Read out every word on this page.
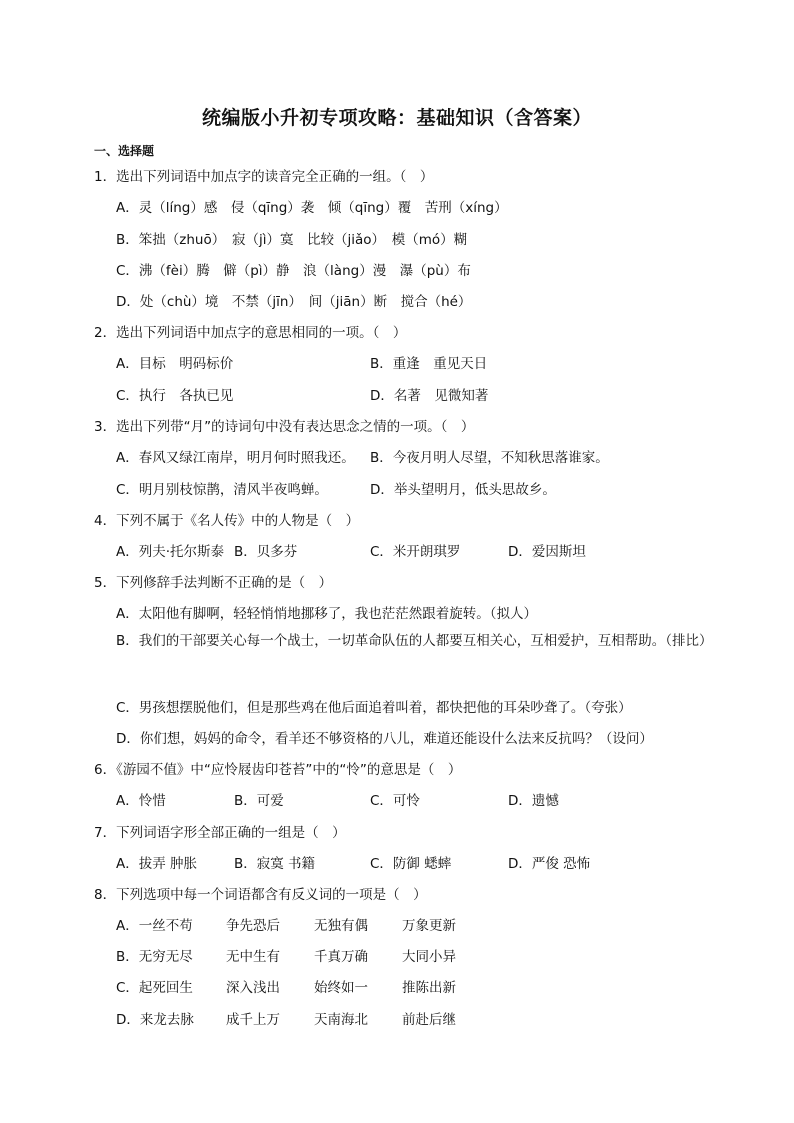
统编版小升初专项攻略：基础知识（含答案）
一、选择题
1．选出下列词语中加点字的读音完全正确的一组。（　）
A．灵（líng）感　侵（qīng）袭　倾（qīng）覆　苦刑（xíng）
B．笨拙（zhuō）　寂（jì）寞　比较（jiǎo）　模（mó）糊
C．沸（fèi）腾　僻（pì）静　浪（làng）漫　瀑（pù）布
D．处（chù）境　不禁（jīn）　间（jiān）断　搅合（hé）
2．选出下列词语中加点字的意思相同的一项。（　）
A．目标　明码标价	B．重逢　重见天日
C．执行　各执已见	D．名著　见微知著
3．选出下列带“月”的诗词句中没有表达思念之情的一项。（　）
A．春风又绿江南岸，明月何时照我还。 B．今夜月明人尽望，不知秋思落谁家。
C．明月别枝惊鹊，清风半夜鸣蝉。	D．举头望明月，低头思故乡。
4．下列不属于《名人传》中的人物是（　）
A．列夫·托尔斯泰 B．贝多芬	C．米开朗琪罗	D．爱因斯坦
5．下列修辞手法判断不正确的是（　）
A．太阳他有脚啊，轻轻悄悄地挪移了，我也茫茫然跟着旋转。（拟人）
B．我们的干部要关心每一个战士，一切革命队伍的人都要互相关心，互相爱护，互相帮助。（排比）
C．男孩想摆脱他们，但是那些鸡在他后面追着叫着，都快把他的耳朵吵聋了。（夸张）
D．你们想，妈妈的命令，看羊还不够资格的八儿，难道还能设什么法来反抗吗？（设问）
6．《游园不值》中“应怜屐齿印苍苔”中的“怜”的意思是（　）
A．怜惜	B．可爱	C．可怜	D．遗憾
7．下列词语字形全部正确的一组是（　）
A．拔弄 肿胀	B．寂寞 书籍	C．防御 蟋蟀	D．严俊 恐怖
8．下列选项中每一个词语都含有反义词的一项是（　）
A．一丝不苟 争先恐后	无独有偶	万象更新
B．无穷无尽 无中生有	千真万确	大同小异
C．起死回生 深入浅出	始终如一	推陈出新
D．来龙去脉 成千上万	天南海北	前赴后继
